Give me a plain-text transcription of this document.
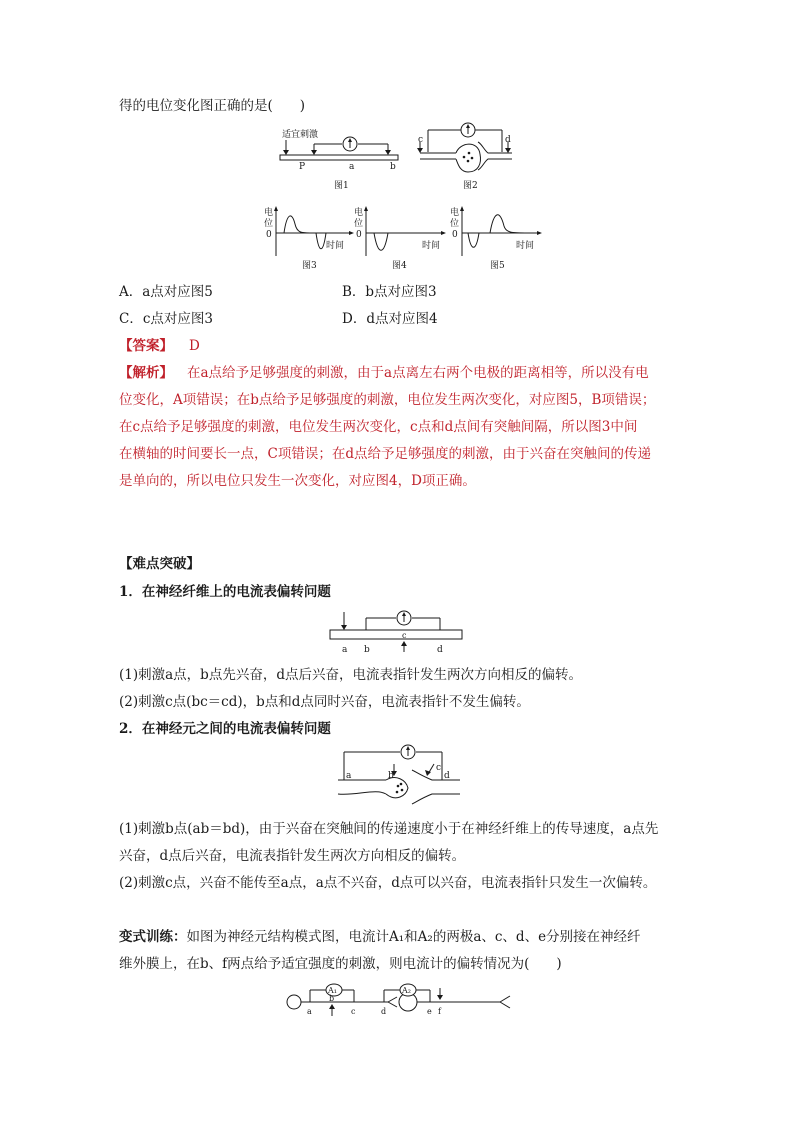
得的电位变化图正确的是(　　)
适宜刺激
P	a	b
图1
c	d
图2
电
位
0
时间
图3
电
位
0
时间
图4
电
位
0
时间
图5
A．a点对应图5	B．b点对应图3
C．c点对应图3	D．d点对应图4
【答案】 D
【解析】 在a点给予足够强度的刺激，由于a点离左右两个电极的距离相等，所以没有电
位变化，A项错误；在b点给予足够强度的刺激，电位发生两次变化，对应图5，B项错误；
在c点给予足够强度的刺激，电位发生两次变化，c点和d点间有突触间隔，所以图3中间
在横轴的时间要长一点，C项错误；在d点给予足够强度的刺激，由于兴奋在突触间的传递
是单向的，所以电位只发生一次变化，对应图4，D项正确。
【难点突破】
1．在神经纤维上的电流表偏转问题
a b
c
d
(1)刺激a点，b点先兴奋，d点后兴奋，电流表指针发生两次方向相反的偏转。
(2)刺激c点(bc＝cd)，b点和d点同时兴奋，电流表指针不发生偏转。
2．在神经元之间的电流表偏转问题
a	b
c
d
(1)刺激b点(ab＝bd)，由于兴奋在突触间的传递速度小于在神经纤维上的传导速度，a点先
兴奋，d点后兴奋，电流表指针发生两次方向相反的偏转。
(2)刺激c点，兴奋不能传至a点，a点不兴奋，d点可以兴奋，电流表指针只发生一次偏转。
变式训练：如图为神经元结构模式图，电流计A₁和A₂的两极a、c、d、e分别接在神经纤
维外膜上，在b、f两点给予适宜强度的刺激，则电流计的偏转情况为(　　)
A₁	A₂
a
b
c	d	e f
